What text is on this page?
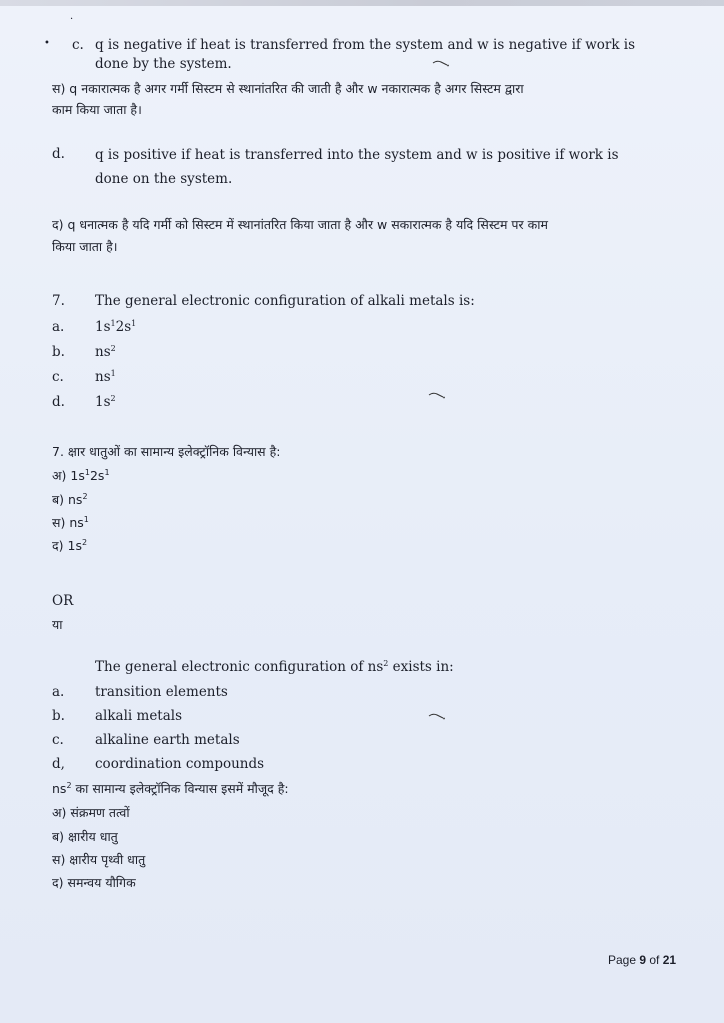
·
• c. q is negative if heat is transferred from the system and w is negative if work is
done by the system.
स) q नकारात्मक है अगर गर्मी सिस्टम से स्थानांतरित की जाती है और w नकारात्मक है अगर सिस्टम द्वारा
काम किया जाता है।
d. q is positive if heat is transferred into the system and w is positive if work is
done on the system.
द) q धनात्मक है यदि गर्मी को सिस्टम में स्थानांतरित किया जाता है और w सकारात्मक है यदि सिस्टम पर काम
किया जाता है।
7. The general electronic configuration of alkali metals is:
a. $1s^12s^1$
b. $ns^2$
c. $ns^1$
d. $1s^2$
7. क्षार धातुओं का सामान्य इलेक्ट्रॉनिक विन्यास है:
अ) $1s^12s^1$
ब) $ns^2$
स) $ns^1$
द) $1s^2$
OR
या
The general electronic configuration of $ns^2$ exists in:
a. transition elements
b. alkali metals
c. alkaline earth metals
d, coordination compounds
$ns^2$ का सामान्य इलेक्ट्रॉनिक विन्यास इसमें मौजूद है:
अ) संक्रमण तत्वों
ब) क्षारीय धातु
स) क्षारीय पृथ्वी धातु
द) समन्वय यौगिक
Page 9 of 21
